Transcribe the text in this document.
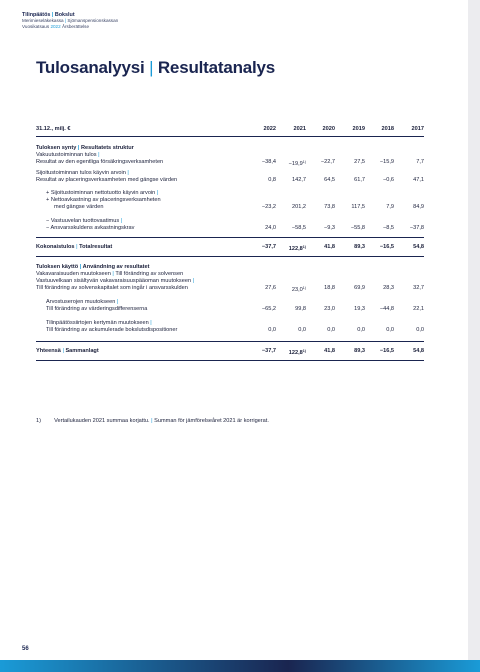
Tilinpäätös | Bokslut
Merimieseläkekassa | Sjömanspensionskassan
Vuosikatsaus 2022 Årsberättelse
Tulosanalyysi | Resultatanalys
31.12., milj. €	2022	2021	2020	2019	2018	2017
Tuloksen synty | Resultatets struktur
Vakuutustoiminnan tulos |
Resultat av den egentliga försäkringsverksamheten	−38,4	$-19,9^{1)}$	−22,7	27,5	−15,9	7,7
Sijoitustoiminnan tulos käyvin arvoin |
Resultat av placeringsverksamheten med gängse värden	0,8	142,7	64,5	61,7	−0,6	47,1
+ Sijoitustoiminnan nettotuotto käyvin arvoin |
+ Nettoavkastning av placeringsverksamheten
med gängse värden	−23,2	201,2	73,8	117,5	7,9	84,9
− Vastuuvelan tuottovaatimus |
− Ansvarsskuldens avkastningskrav	24,0	−58,5	−9,3	−55,8	−8,5	−37,8
Kokonaistulos | Totalresultat	−37,7	122,8$^{1)}$	41,8	89,3	−16,5	54,8
Tuloksen käyttö | Användning av resultatet
Vakavaraisuuden muutokseen | Till förändring av solvensen
Vastuuvelkaan sisältyvän vakavaraisuuspääoman muutokseen |
Till förändring av solvenskapitalet som ingår i ansvarsskulden	27,6	23,0$^{1)}$	18,8	69,9	28,3	32,7
Arvostuserojen muutokseen |
Till förändring av värderingsdifferenserna	−65,2	99,8	23,0	19,3	−44,8	22,1
Tilinpäätössiirtojen kertymän muutokseen |
Till förändring av ackumulerade bokslutsdispositioner	0,0	0,0	0,0	0,0	0,0	0,0
Yhteensä | Sammanlagt	−37,7	122,8$^{1)}$	41,8	89,3	−16,5	54,8
1) Vertailukauden 2021 summaa korjattu. | Summan för jämförelseåret 2021 är korrigerat.
56
